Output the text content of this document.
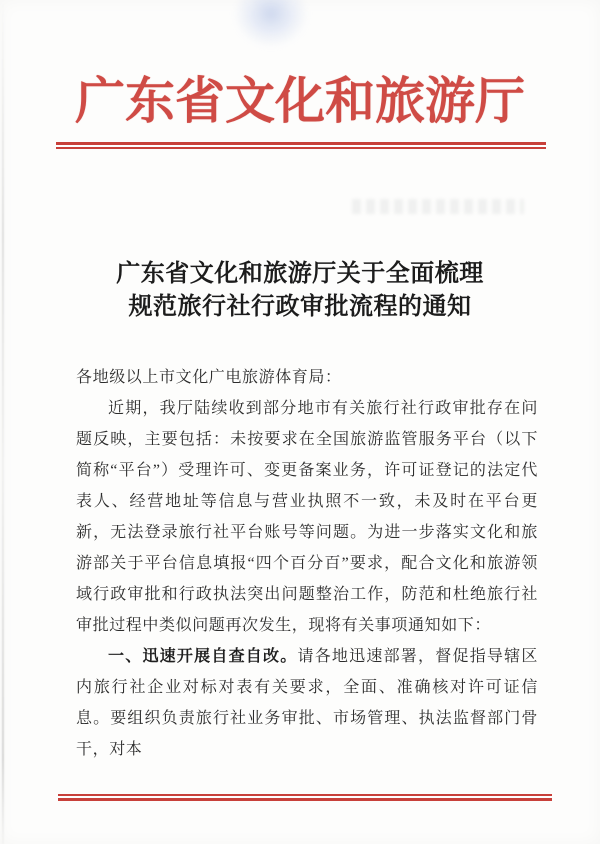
广东省文化和旅游厅
广东省文化和旅游厅关于全面梳理
规范旅行社行政审批流程的通知

各地级以上市文化广电旅游体育局：

近期，我厅陆续收到部分地市有关旅行社行政审批存在问题反映，主要包括：未按要求在全国旅游监管服务平台（以下简称“平台”）受理许可、变更备案业务，许可证登记的法定代表人、经营地址等信息与营业执照不一致，未及时在平台更新，无法登录旅行社平台账号等问题。为进一步落实文化和旅游部关于平台信息填报“四个百分百”要求，配合文化和旅游领域行政审批和行政执法突出问题整治工作，防范和杜绝旅行社审批过程中类似问题再次发生，现将有关事项通知如下：

一、迅速开展自查自改。请各地迅速部署，督促指导辖区内旅行社企业对标对表有关要求，全面、准确核对许可证信息。要组织负责旅行社业务审批、市场管理、执法监督部门骨干，对本
